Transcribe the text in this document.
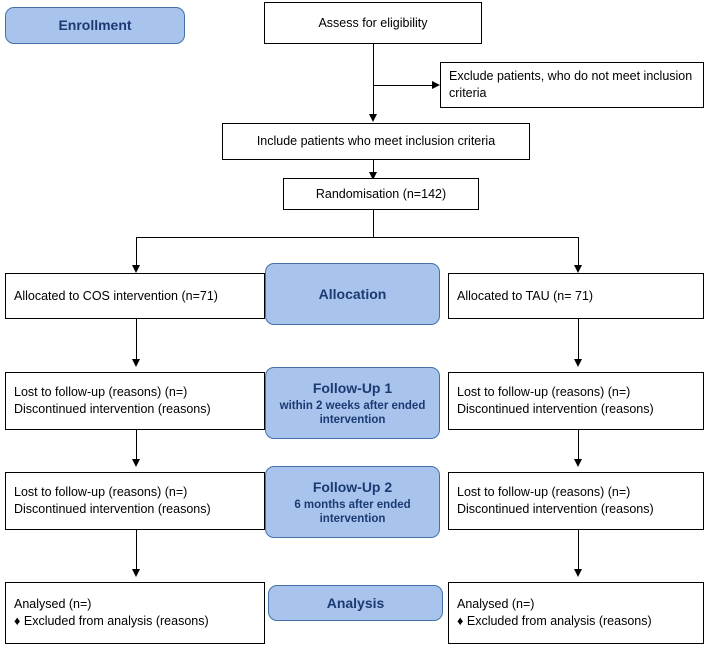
Enrollment	Assess for eligibility
Exclude patients, who do not meet inclusion criteria
Include patients who meet inclusion criteria
Randomisation (n=142)
Allocated to COS intervention (n=71)	Allocated to TAU (n= 71)
Allocation
Lost to follow-up (reasons) (n=)
Discontinued intervention (reasons)
Lost to follow-up (reasons) (n=)
Discontinued intervention (reasons)
Follow-Up 1
within 2 weeks after ended intervention
Lost to follow-up (reasons) (n=)
Discontinued intervention (reasons)
Lost to follow-up (reasons) (n=)
Discontinued intervention (reasons)
Follow-Up 2
6 months after ended intervention
Analysed (n=)
♦ Excluded from analysis (reasons)
Analysed (n=)
♦ Excluded from analysis (reasons)
Analysis
